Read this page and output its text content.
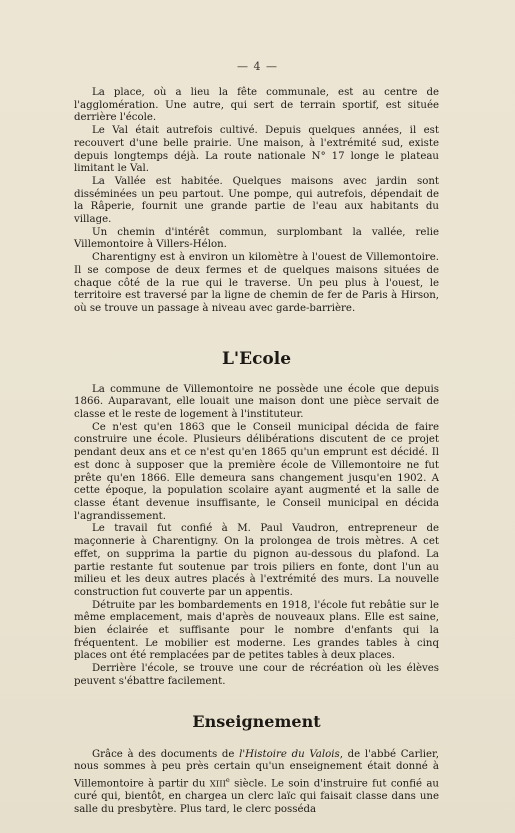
— 4 —

La place, où a lieu la fête communale, est au centre de l'agglomération. Une autre, qui sert de terrain sportif, est située derrière l'école.

Le Val était autrefois cultivé. Depuis quelques années, il est recouvert d'une belle prairie. Une maison, à l'extrémité sud, existe depuis longtemps déjà. La route nationale N° 17 longe le plateau limitant le Val.

La Vallée est habitée. Quelques maisons avec jardin sont disséminées un peu partout. Une pompe, qui autrefois, dépendait de la Râperie, fournit une grande partie de l'eau aux habitants du village.

Un chemin d'intérêt commun, surplombant la vallée, relie Villemontoire à Villers-Hélon.

Charentigny est à environ un kilomètre à l'ouest de Villemontoire. Il se compose de deux fermes et de quelques maisons situées de chaque côté de la rue qui le traverse. Un peu plus à l'ouest, le territoire est traversé par la ligne de chemin de fer de Paris à Hirson, où se trouve un passage à niveau avec garde-barrière.

L'Ecole

La commune de Villemontoire ne possède une école que depuis 1866. Auparavant, elle louait une maison dont une pièce servait de classe et le reste de logement à l'instituteur.

Ce n'est qu'en 1863 que le Conseil municipal décida de faire construire une école. Plusieurs délibérations discutent de ce projet pendant deux ans et ce n'est qu'en 1865 qu'un emprunt est décidé. Il est donc à supposer que la première école de Villemontoire ne fut prête qu'en 1866. Elle demeura sans changement jusqu'en 1902. A cette époque, la population scolaire ayant augmenté et la salle de classe étant devenue insuffisante, le Conseil municipal en décida l'agrandissement.

Le travail fut confié à M. Paul Vaudron, entrepreneur de maçonnerie à Charentigny. On la prolongea de trois mètres. A cet effet, on supprima la partie du pignon au-dessous du plafond. La partie restante fut soutenue par trois piliers en fonte, dont l'un au milieu et les deux autres placés à l'extrémité des murs. La nouvelle construction fut couverte par un appentis.

Détruite par les bombardements en 1918, l'école fut rebâtie sur le même emplacement, mais d'après de nouveaux plans. Elle est saine, bien éclairée et suffisante pour le nombre d'enfants qui la fréquentent. Le mobilier est moderne. Les grandes tables à cinq places ont été remplacées par de petites tables à deux places.

Derrière l'école, se trouve une cour de récréation où les élèves peuvent s'ébattre facilement.

Enseignement

Grâce à des documents de l'Histoire du Valois, de l'abbé Carlier, nous sommes à peu près certain qu'un enseignement était donné à Villemontoire à partir du XIIIe siècle. Le soin d'instruire fut confié au curé qui, bientôt, en chargea un clerc laïc qui faisait classe dans une salle du presbytère. Plus tard, le clerc posséda
